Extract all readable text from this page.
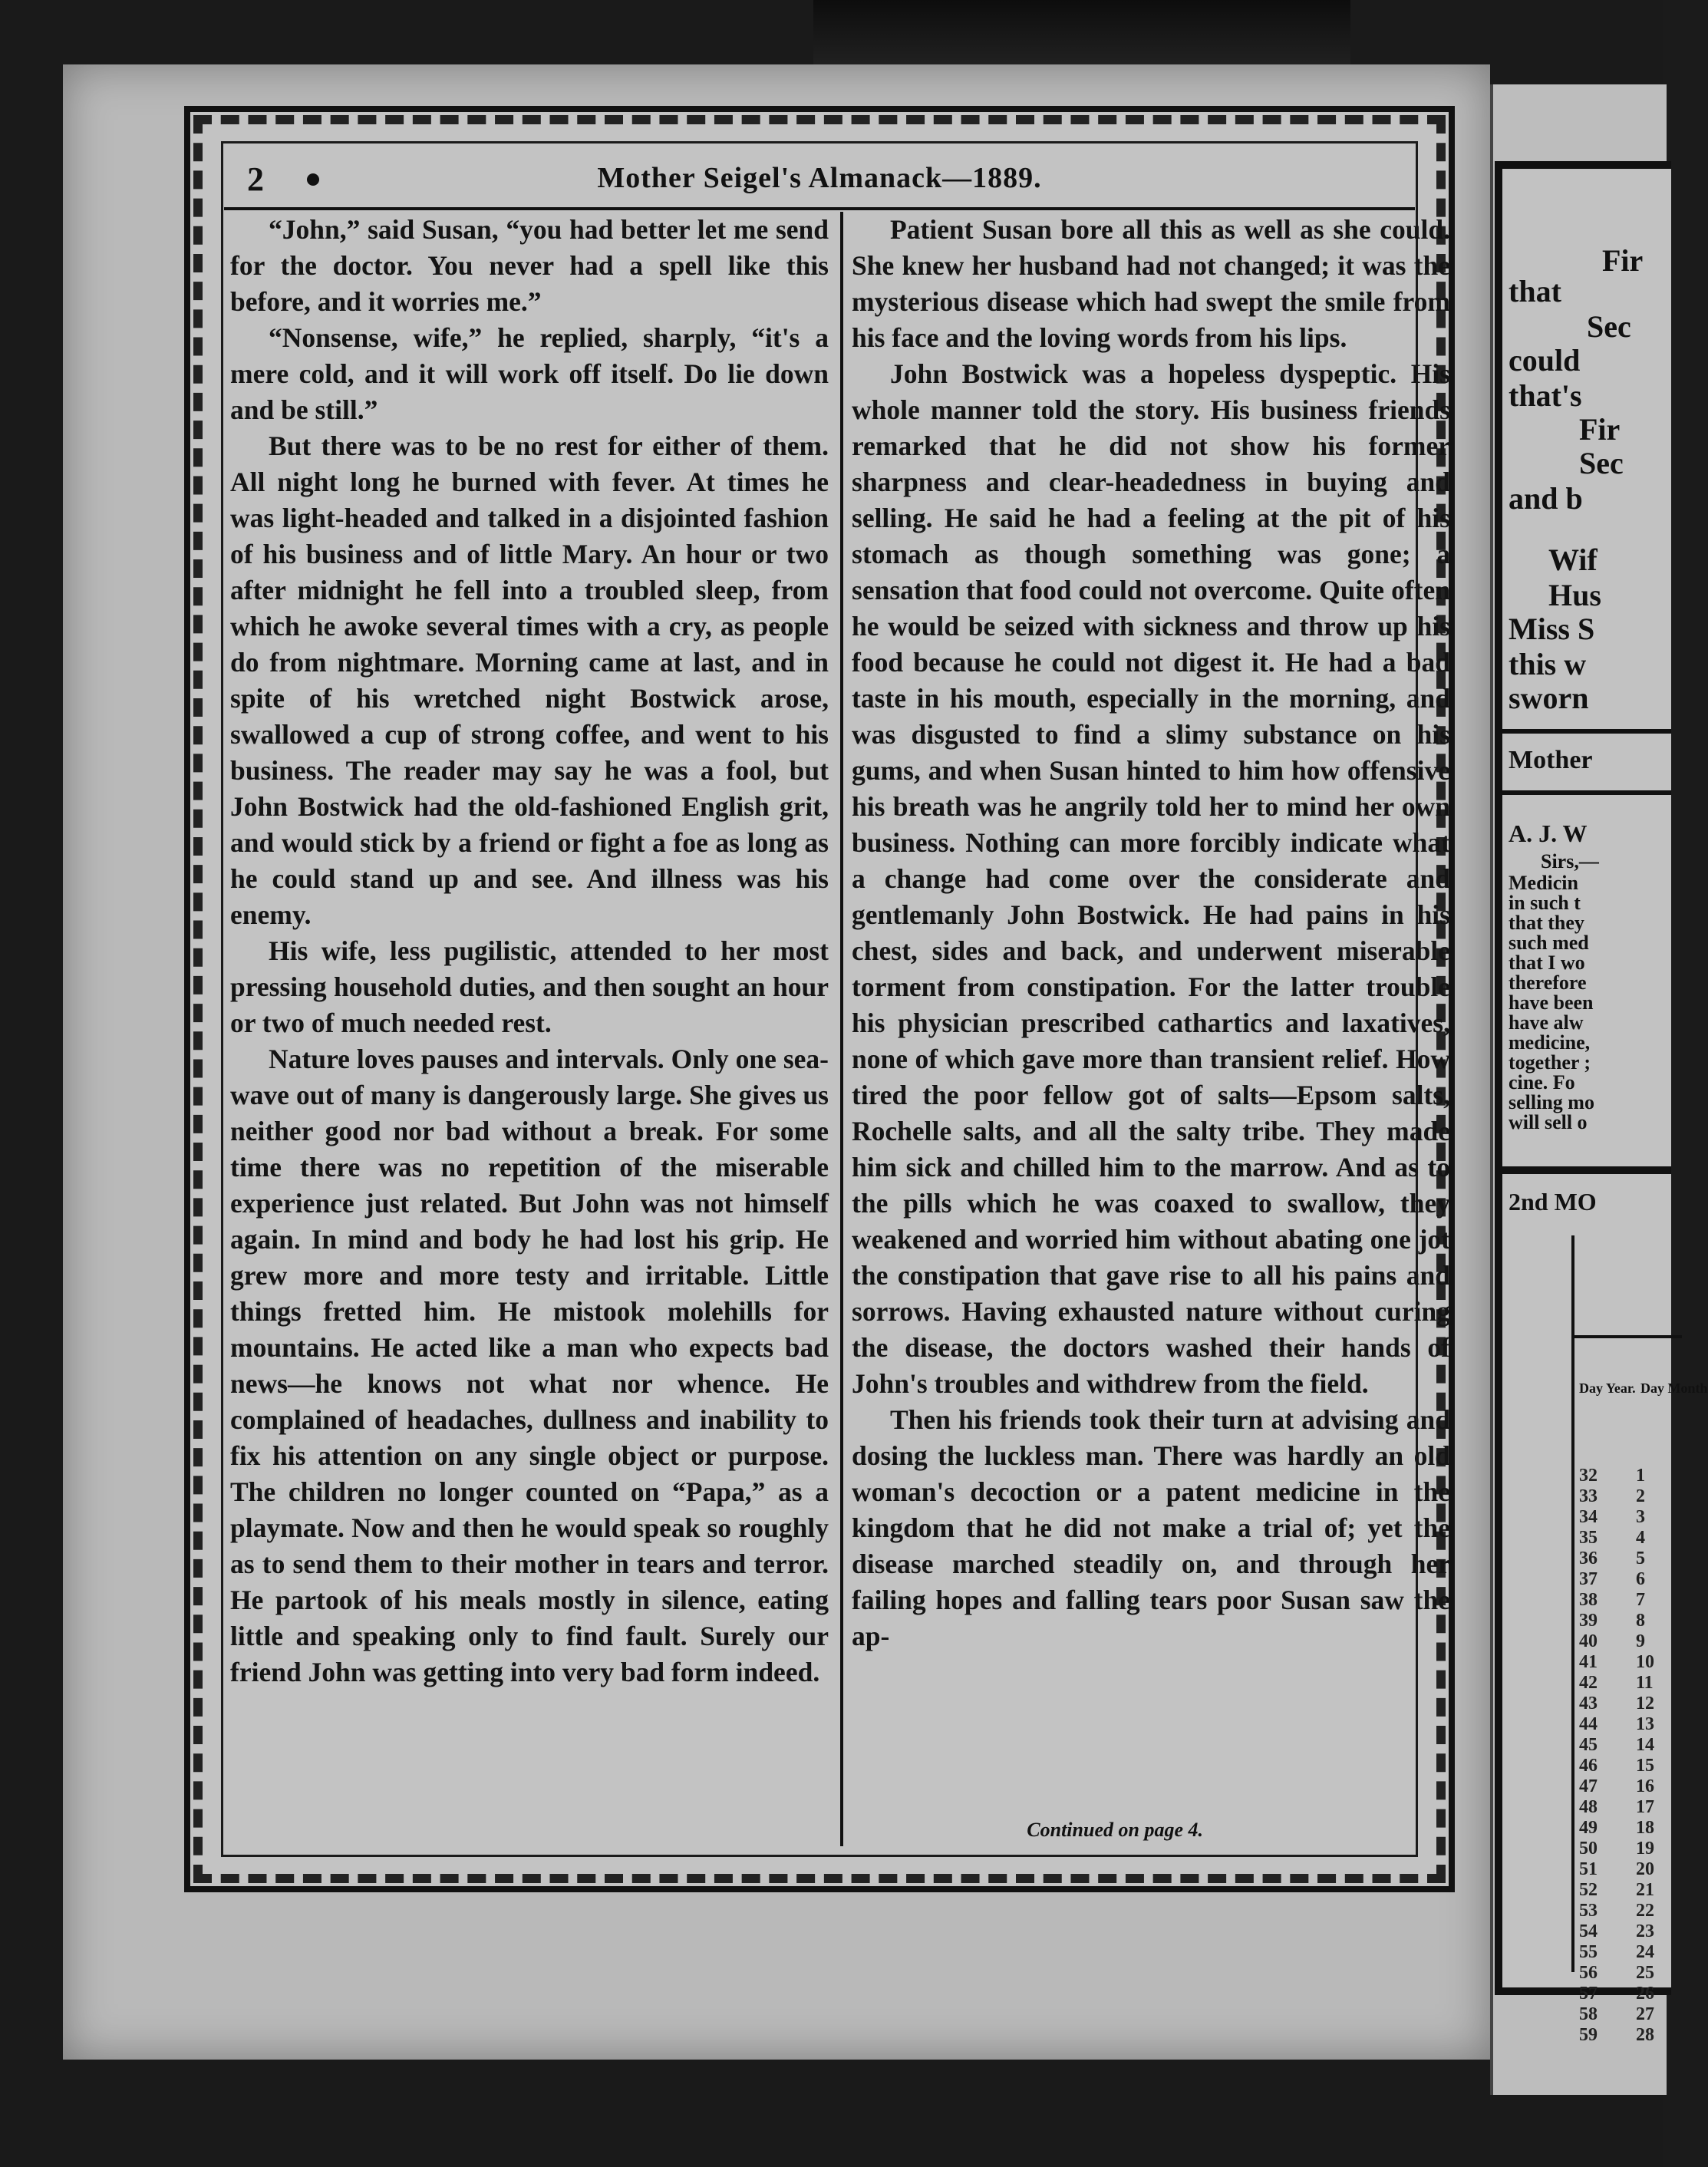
Fir
that
Sec
could
that's
Fir
Sec
and b
Wif
Hus
Miss S
this w
sworn
Mother
A. J. W
Sirs,—
Medicin
in such t
that they
such med
that I wo
therefore
have been
have alw
medicine,
together ;
cine. Fo
selling mo
will sell o
2nd MO
Day Year. Day Month
32
33
34
35
36
37
38
39
40
41
42
43
44
45
46
47
48
49
50
51
52
53
54
55
56
57
58
59
1
2
3
4
5
6
7
8
9
10
11
12
13
14
15
16
17
18
19
20
21
22
23
24
25
26
27
28
2	Mother Seigel's Almanack—1889.

“John,” said Susan, “you had better let me send for the doctor. You never had a spell like this before, and it worries me.”

“Nonsense, wife,” he replied, sharply, “it's a mere cold, and it will work off itself. Do lie down and be still.”

But there was to be no rest for either of them. All night long he burned with fever. At times he was light-headed and talked in a disjointed fashion of his business and of little Mary. An hour or two after midnight he fell into a troubled sleep, from which he awoke several times with a cry, as people do from nightmare. Morning came at last, and in spite of his wretched night Bostwick arose, swallowed a cup of strong coffee, and went to his business. The reader may say he was a fool, but John Bostwick had the old-fashioned English grit, and would stick by a friend or fight a foe as long as he could stand up and see. And illness was his enemy.

His wife, less pugilistic, attended to her most pressing household duties, and then sought an hour or two of much needed rest.

Nature loves pauses and intervals. Only one sea-wave out of many is dangerously large. She gives us neither good nor bad without a break. For some time there was no repetition of the miserable experience just related. But John was not himself again. In mind and body he had lost his grip. He grew more and more testy and irritable. Little things fretted him. He mistook molehills for mountains. He acted like a man who expects bad news—he knows not what nor whence. He complained of headaches, dullness and inability to fix his attention on any single object or purpose. The children no longer counted on “Papa,” as a playmate. Now and then he would speak so roughly as to send them to their mother in tears and terror. He partook of his meals mostly in silence, eating little and speaking only to find fault. Surely our friend John was getting into very bad form indeed.

Patient Susan bore all this as well as she could. She knew her husband had not changed; it was the mysterious disease which had swept the smile from his face and the loving words from his lips.

John Bostwick was a hopeless dyspeptic. His whole manner told the story. His business friends remarked that he did not show his former sharpness and clear-headedness in buying and selling. He said he had a feeling at the pit of his stomach as though something was gone; a sensation that food could not overcome. Quite often he would be seized with sickness and throw up his food because he could not digest it. He had a bad taste in his mouth, especially in the morning, and was disgusted to find a slimy substance on his gums, and when Susan hinted to him how offensive his breath was he angrily told her to mind her own business. Nothing can more forcibly indicate what a change had come over the considerate and gentlemanly John Bostwick. He had pains in his chest, sides and back, and underwent miserable torment from constipation. For the latter trouble his physician prescribed cathartics and laxatives, none of which gave more than transient relief. How tired the poor fellow got of salts—Epsom salts, Rochelle salts, and all the salty tribe. They made him sick and chilled him to the marrow. And as to the pills which he was coaxed to swallow, they weakened and worried him without abating one jot the constipation that gave rise to all his pains and sorrows. Having exhausted nature without curing the disease, the doctors washed their hands of John's troubles and withdrew from the field.

Then his friends took their turn at advising and dosing the luckless man. There was hardly an old woman's decoction or a patent medicine in the kingdom that he did not make a trial of; yet the disease marched steadily on, and through her failing hopes and falling tears poor Susan saw the ap-

Continued on page 4.
